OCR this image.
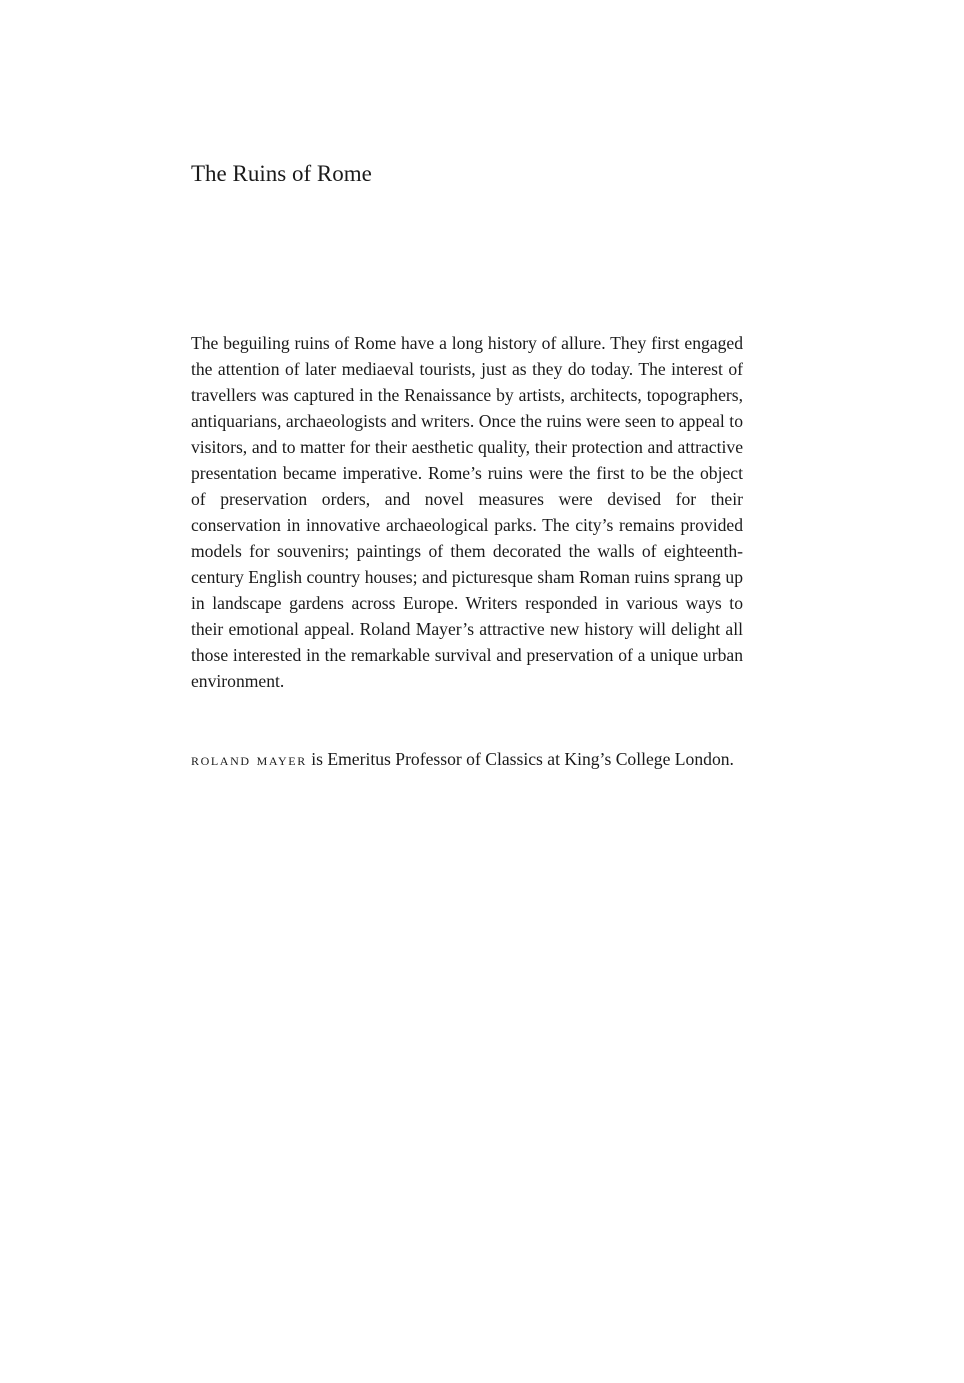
The Ruins of Rome

The beguiling ruins of Rome have a long history of allure. They first engaged the attention of later mediaeval tourists, just as they do today. The interest of travellers was captured in the Renaissance by artists, architects, topographers, antiquarians, archaeologists and writers. Once the ruins were seen to appeal to visitors, and to matter for their aesthetic quality, their protection and attractive presentation became imperative. Rome’s ruins were the first to be the object of preservation orders, and novel measures were devised for their conservation in innovative archaeological parks. The city’s remains provided models for souvenirs; paintings of them decorated the walls of eighteenth-century English country houses; and picturesque sham Roman ruins sprang up in landscape gardens across Europe. Writers responded in various ways to their emotional appeal. Roland Mayer’s attractive new history will delight all those interested in the remarkable survival and preservation of a unique urban environment.

roland mayer is Emeritus Professor of Classics at King’s College London.
